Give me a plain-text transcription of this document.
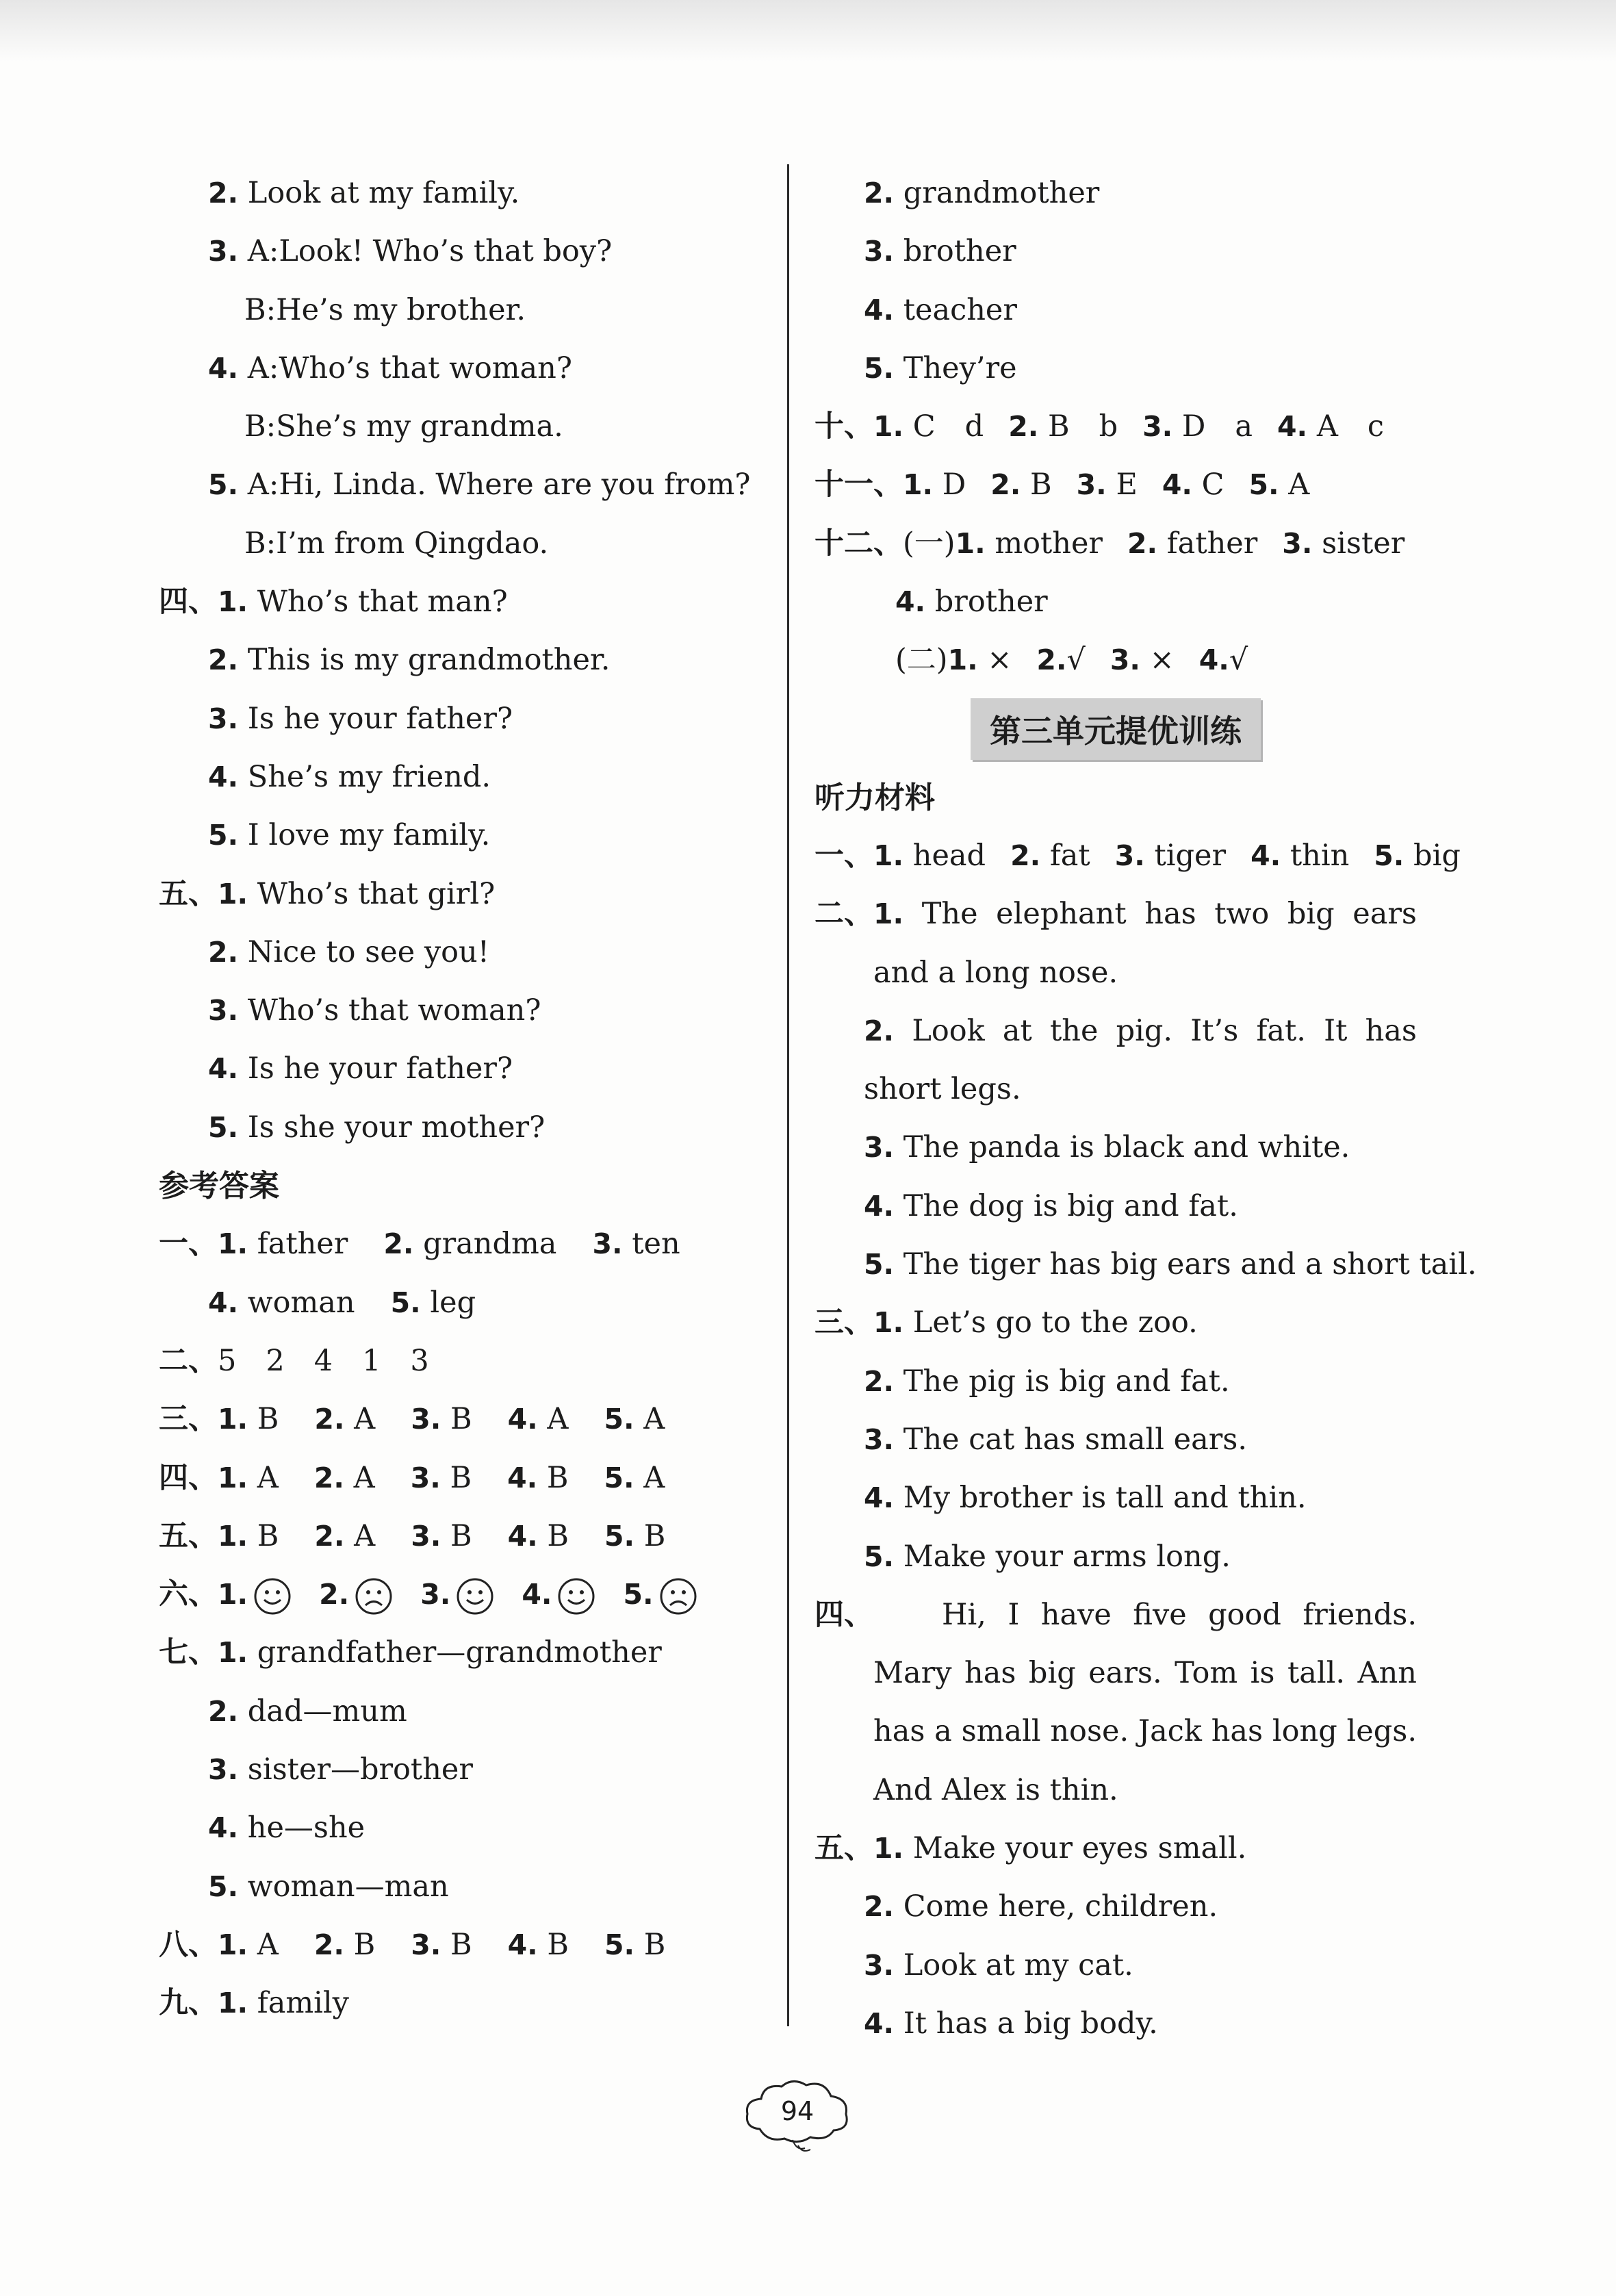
2. Look at my family.
3. A:Look! Who’s that boy?
B:He’s my brother.
4. A:Who’s that woman?
B:She’s my grandma.
5. A:Hi, Linda. Where are you from?
B:I’m from Qingdao.
四、1. Who’s that man?
2. This is my grandmother.
3. Is he your father?
4. She’s my friend.
5. I love my family.
五、1. Who’s that girl?
2. Nice to see you!
3. Who’s that woman?
4. Is he your father?
5. Is she your mother?
参考答案
一、1. father 2. grandma 3. ten
4. woman 5. leg
二、5　2　4　1　3
三、1. B 2. A 3. B 4. A 5. A
四、1. A 2. A 3. B 4. B 5. A
五、1. B 2. A 3. B 4. B 5. B
六、1.	2.	3.	4.	5.
七、1. grandfather—grandmother
2. dad—mum
3. sister—brother
4. he—she
5. woman—man
八、1. A 2. B 3. B 4. B 5. B
九、1. family
2. grandmother
3. brother
4. teacher
5. They’re
十、1. C　d 2. B　b 3. D　a 4. A　c
十一、1. D 2. B 3. E 4. C 5. A
十二、(一)1. mother 2. father 3. sister
4. brother
(二)1. × 2.√ 3. × 4.√
第三单元提优训练
听力材料
一、1. head 2. fat 3. tiger 4. thin 5. big
二、 1. The elephant has two big ears and a long nose.
2. Look at the pig. It’s fat. It has short legs.
3. The panda is black and white.
4. The dog is big and fat.
5. The tiger has big ears and a short tail.
三、1. Let’s go to the zoo.
2. The pig is big and fat.
3. The cat has small ears.
4. My brother is tall and thin.
5. Make your arms long.
四、	Hi, I have five good friends. Mary has big ears. Tom is tall. Ann has a small nose. Jack has long legs. And Alex is thin.
五、1. Make your eyes small.
2. Come here, children.
3. Look at my cat.
4. It has a big body.
94
